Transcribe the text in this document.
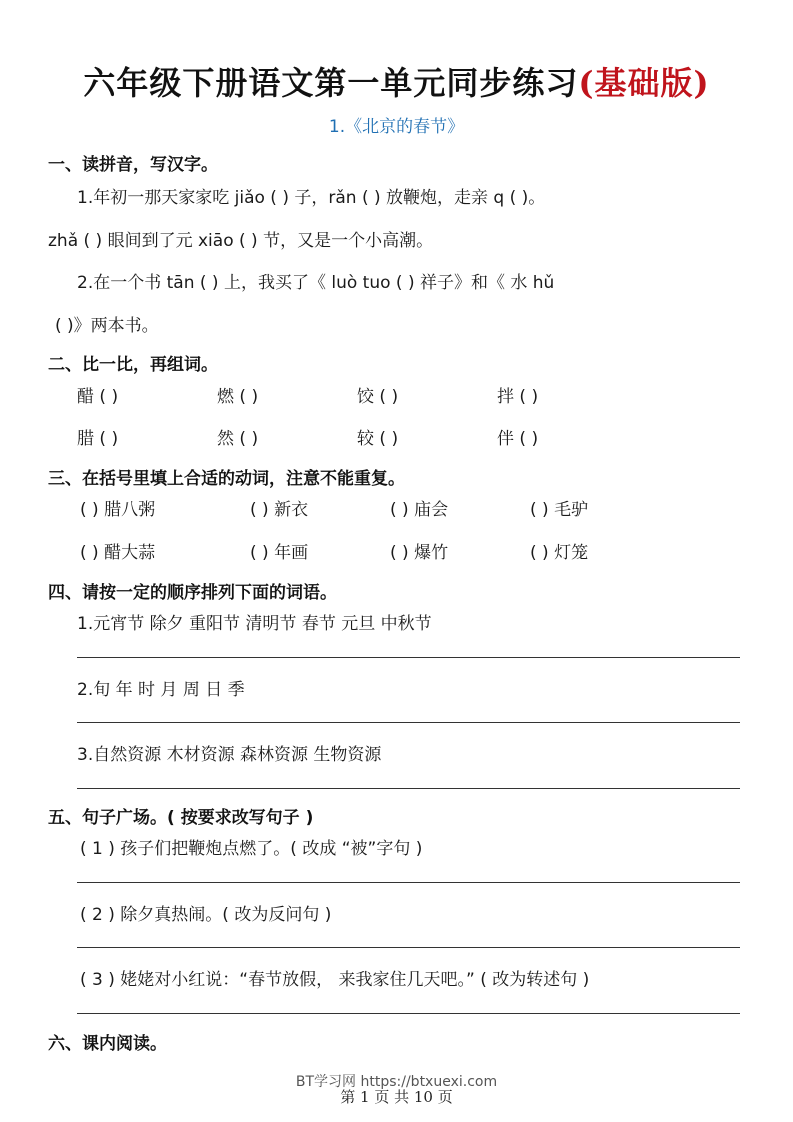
六年级下册语文第一单元同步练习(基础版)
1.《北京的春节》
一、读拼音，写汉字。
1.年初一那天家家吃 jiǎo ( ) 子，rǎn ( ) 放鞭炮，走亲 q ( )。
zhǎ ( ) 眼间到了元 xiāo ( ) 节，又是一个小高潮。
2.在一个书 tān ( ) 上，我买了《 luò tuo ( ) 祥子》和《 水 hǔ
( )》两本书。
二、比一比，再组词。
醋 ( )	燃 ( )	饺 ( )	拌 ( )
腊 ( )	然 ( )	较 ( )	伴 ( )
三、在括号里填上合适的动词，注意不能重复。
( ) 腊八粥	( ) 新衣	( ) 庙会	( ) 毛驴
( ) 醋大蒜	( ) 年画	( ) 爆竹	( ) 灯笼
四、请按一定的顺序排列下面的词语。
1.元宵节 除夕 重阳节 清明节 春节 元旦 中秋节
2.旬 年 时 月 周 日 季
3.自然资源 木材资源 森林资源 生物资源
五、句子广场。( 按要求改写句子 )
( 1 ) 孩子们把鞭炮点燃了。( 改成 “被”字句 )
( 2 ) 除夕真热闹。( 改为反问句 )
( 3 ) 姥姥对小红说：“春节放假， 来我家住几天吧。” ( 改为转述句 )
六、课内阅读。
BT学习网 https://btxuexi.com
第 1 页 共 10 页
